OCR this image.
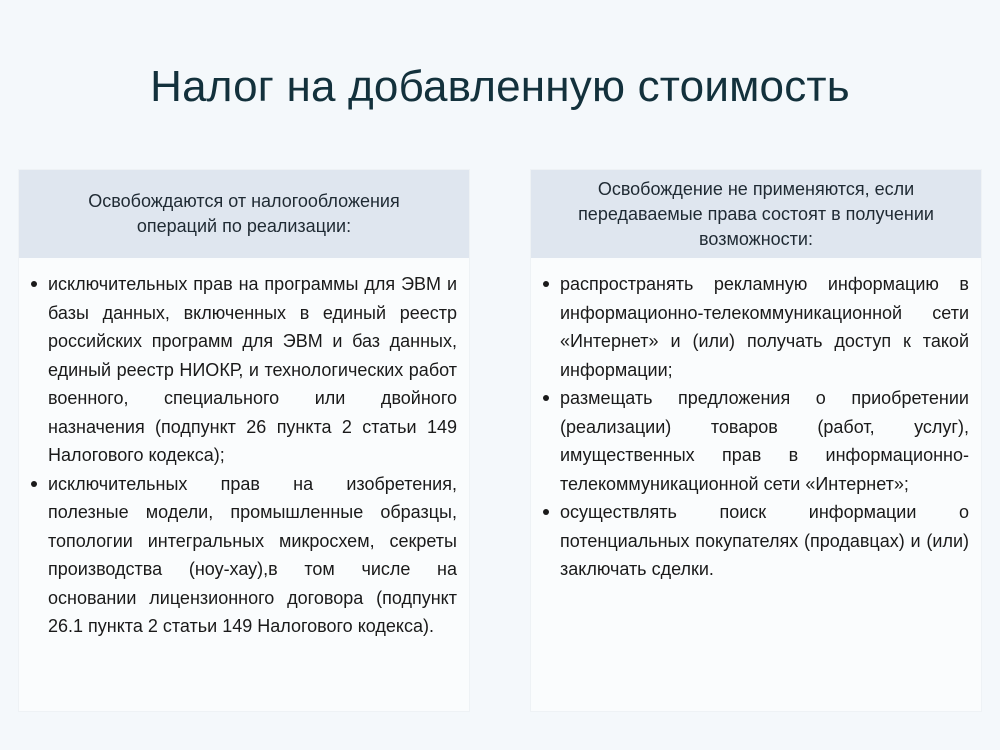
Налог на добавленную стоимость
Освобождаются от налогообложения операций по реализации:
исключительных прав на программы для ЭВМ и базы данных, включенных в единый реестр российских программ для ЭВМ и баз данных, единый реестр НИОКР, и технологических работ военного, специального или двойного назначения (подпункт 26 пункта 2 статьи 149 Налогового кодекса);
исключительных прав на изобретения, полезные модели, промышленные образцы, топологии интегральных микросхем, секреты производства (ноу-хау),в том числе на основании лицензионного договора (подпункт 26.1 пункта 2 статьи 149 Налогового кодекса).
Освобождение не применяются, если передаваемые права состоят в получении возможности:
распространять рекламную информацию в информационно-телекоммуникационной сети «Интернет» и (или) получать доступ к такой информации;
размещать предложения о приобретении (реализации) товаров (работ, услуг), имущественных прав в информационно-телекоммуникационной сети «Интернет»;
осуществлять поиск информации о потенциальных покупателях (продавцах) и (или) заключать сделки.
